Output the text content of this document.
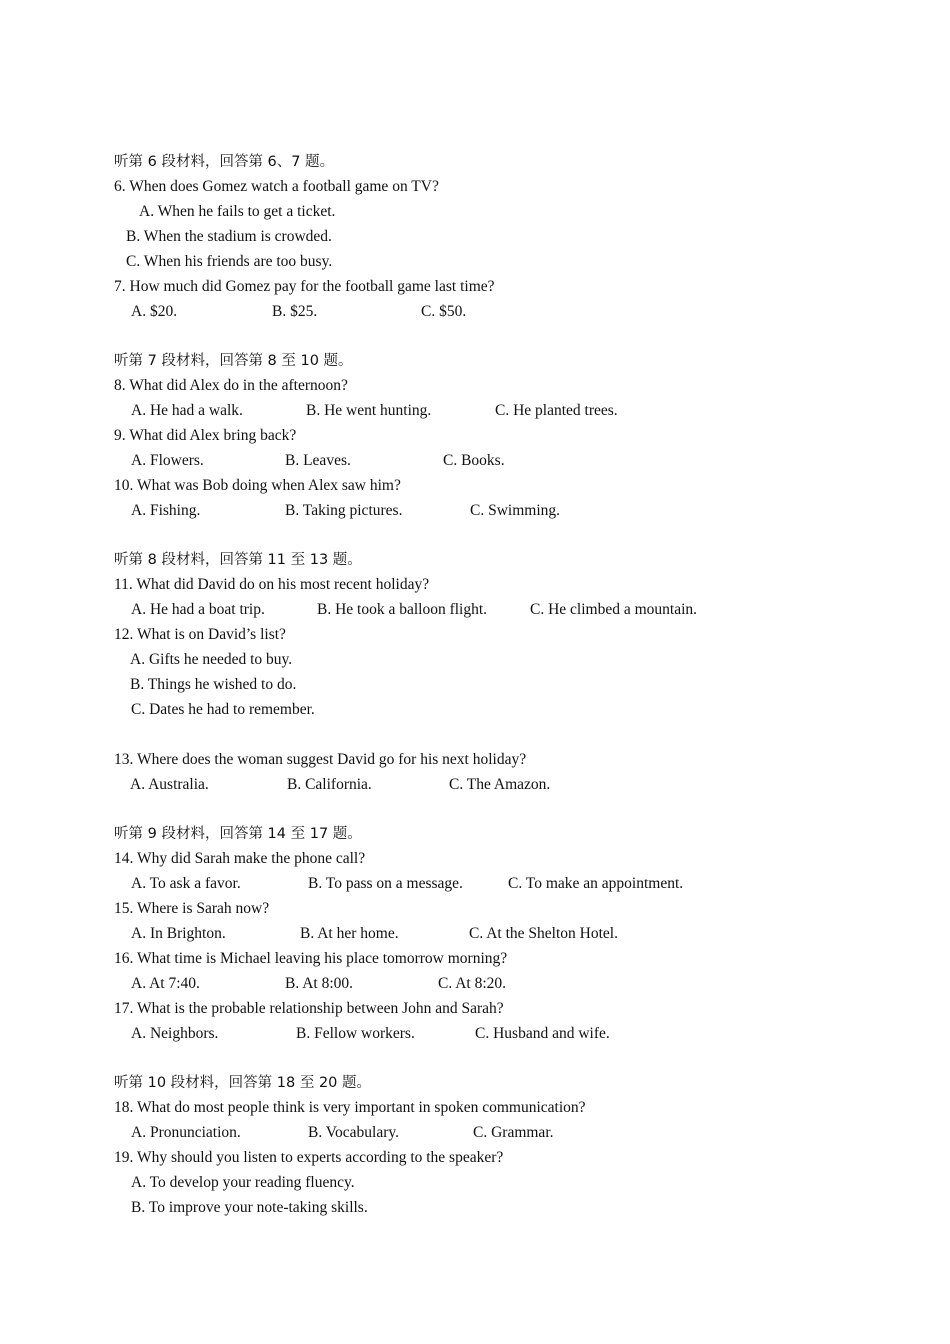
听第 6 段材料，回答第 6、7 题。
6. When does Gomez watch a football game on TV?
A. When he fails to get a ticket.
B. When the stadium is crowded.
C. When his friends are too busy.
7. How much did Gomez pay for the football game last time?
A. $20.	B. $25.	C. $50.
听第 7 段材料，回答第 8 至 10 题。
8. What did Alex do in the afternoon?
A. He had a walk.	B. He went hunting.	C. He planted trees.
9. What did Alex bring back?
A. Flowers.	B. Leaves.	C. Books.
10. What was Bob doing when Alex saw him?
A. Fishing.	B. Taking pictures.	C. Swimming.
听第 8 段材料，回答第 11 至 13 题。
11. What did David do on his most recent holiday?
A. He had a boat trip.	B. He took a balloon flight.	C. He climbed a mountain.
12. What is on David’s list?
A. Gifts he needed to buy.
B. Things he wished to do.
C. Dates he had to remember.
13. Where does the woman suggest David go for his next holiday?
A. Australia.	B. California.	C. The Amazon.
听第 9 段材料，回答第 14 至 17 题。
14. Why did Sarah make the phone call?
A. To ask a favor.	B. To pass on a message.	C. To make an appointment.
15. Where is Sarah now?
A. In Brighton.	B. At her home.	C. At the Shelton Hotel.
16. What time is Michael leaving his place tomorrow morning?
A. At 7:40.	B. At 8:00.	C. At 8:20.
17. What is the probable relationship between John and Sarah?
A. Neighbors.	B. Fellow workers.	C. Husband and wife.
听第 10 段材料，回答第 18 至 20 题。
18. What do most people think is very important in spoken communication?
A. Pronunciation.	B. Vocabulary.	C. Grammar.
19. Why should you listen to experts according to the speaker?
A. To develop your reading fluency.
B. To improve your note-taking skills.
